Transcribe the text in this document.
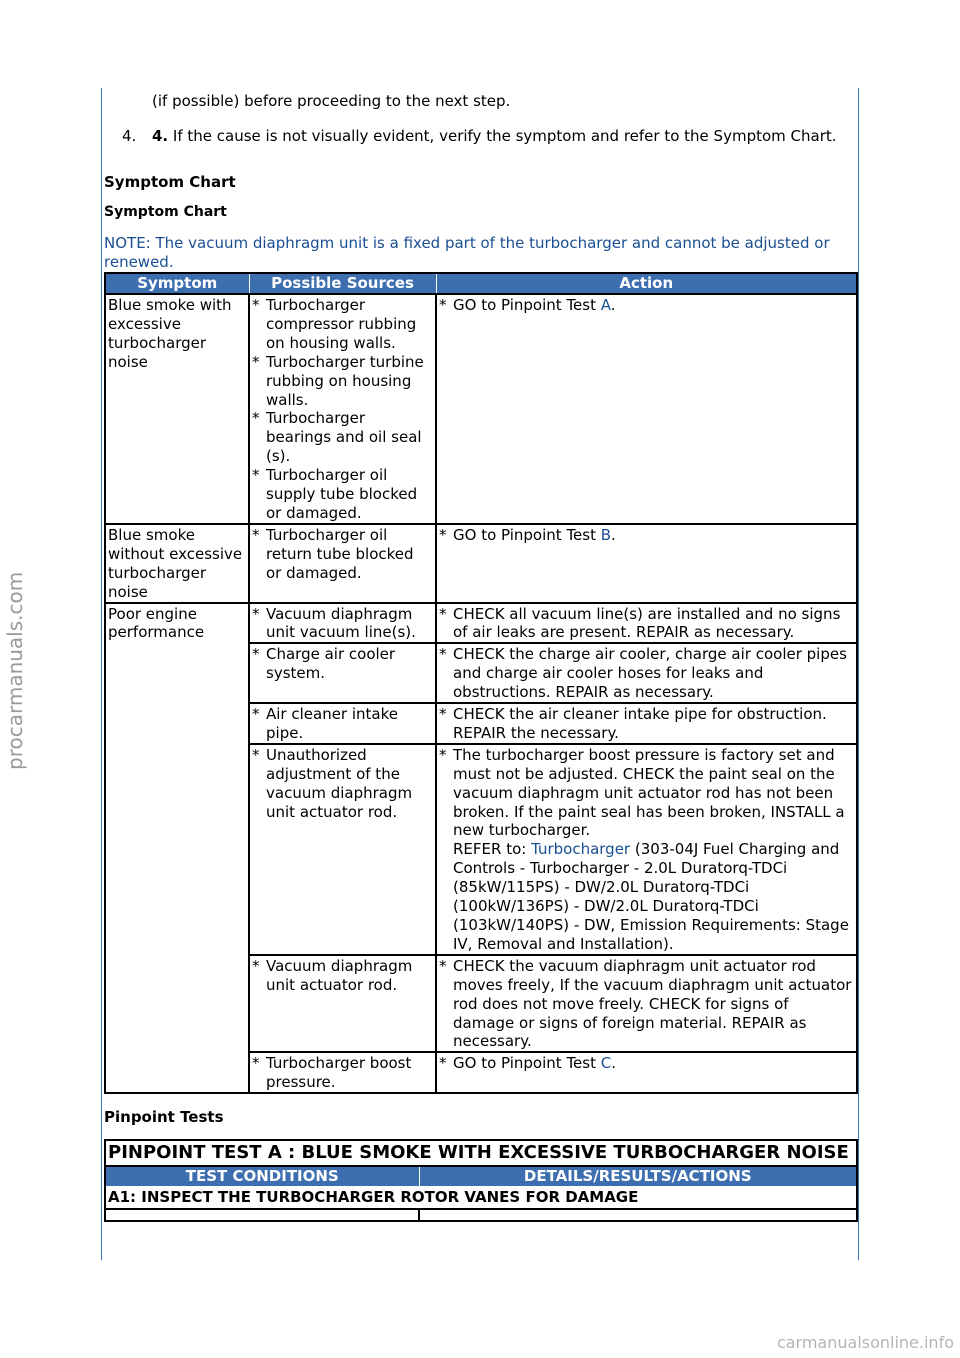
procarmanuals.com
carmanualsonline.info
(if possible) before proceeding to the next step.
4.	4. If the cause is not visually evident, verify the symptom and refer to the Symptom Chart.
Symptom Chart
Symptom Chart
NOTE: The vacuum diaphragm unit is a fixed part of the turbocharger and cannot be adjusted or renewed.
Symptom	Possible Sources	Action
Blue smoke with excessive turbocharger noise	* Turbocharger compressor rubbing on housing walls.
* Turbocharger turbine rubbing on housing walls.
* Turbocharger bearings and oil seal (s).
* Turbocharger oil supply tube blocked or damaged.	* GO to Pinpoint Test A.

Blue smoke without excessive turbocharger noise	* Turbocharger oil return tube blocked or damaged.	* GO to Pinpoint Test B.

Poor engine performance	* Vacuum diaphragm unit vacuum line(s).	* CHECK all vacuum line(s) are installed and no signs of air leaks are present. REPAIR as necessary.

	* Charge air cooler system.	* CHECK the charge air cooler, charge air cooler pipes and charge air cooler hoses for leaks and obstructions. REPAIR as necessary.

	* Air cleaner intake pipe.	* CHECK the air cleaner intake pipe for obstruction. REPAIR the necessary.

	* Unauthorized adjustment of the vacuum diaphragm unit actuator rod.	* The turbocharger boost pressure is factory set and must not be adjusted. CHECK the paint seal on the vacuum diaphragm unit actuator rod has not been broken. If the paint seal has been broken, INSTALL a new turbocharger.
REFER to: Turbocharger (303-04J Fuel Charging and Controls - Turbocharger - 2.0L Duratorq-TDCi (85kW/115PS) - DW/2.0L Duratorq-TDCi (100kW/136PS) - DW/2.0L Duratorq-TDCi (103kW/140PS) - DW, Emission Requirements: Stage IV, Removal and Installation).

	* Vacuum diaphragm unit actuator rod.	* CHECK the vacuum diaphragm unit actuator rod moves freely, If the vacuum diaphragm unit actuator rod does not move freely. CHECK for signs of damage or signs of foreign material. REPAIR as necessary.

	* Turbocharger boost pressure.	* GO to Pinpoint Test C.
Pinpoint Tests
PINPOINT TEST A : BLUE SMOKE WITH EXCESSIVE TURBOCHARGER NOISE	
TEST CONDITIONS	DETAILS/RESULTS/ACTIONS
A1: INSPECT THE TURBOCHARGER ROTOR VANES FOR DAMAGE	
